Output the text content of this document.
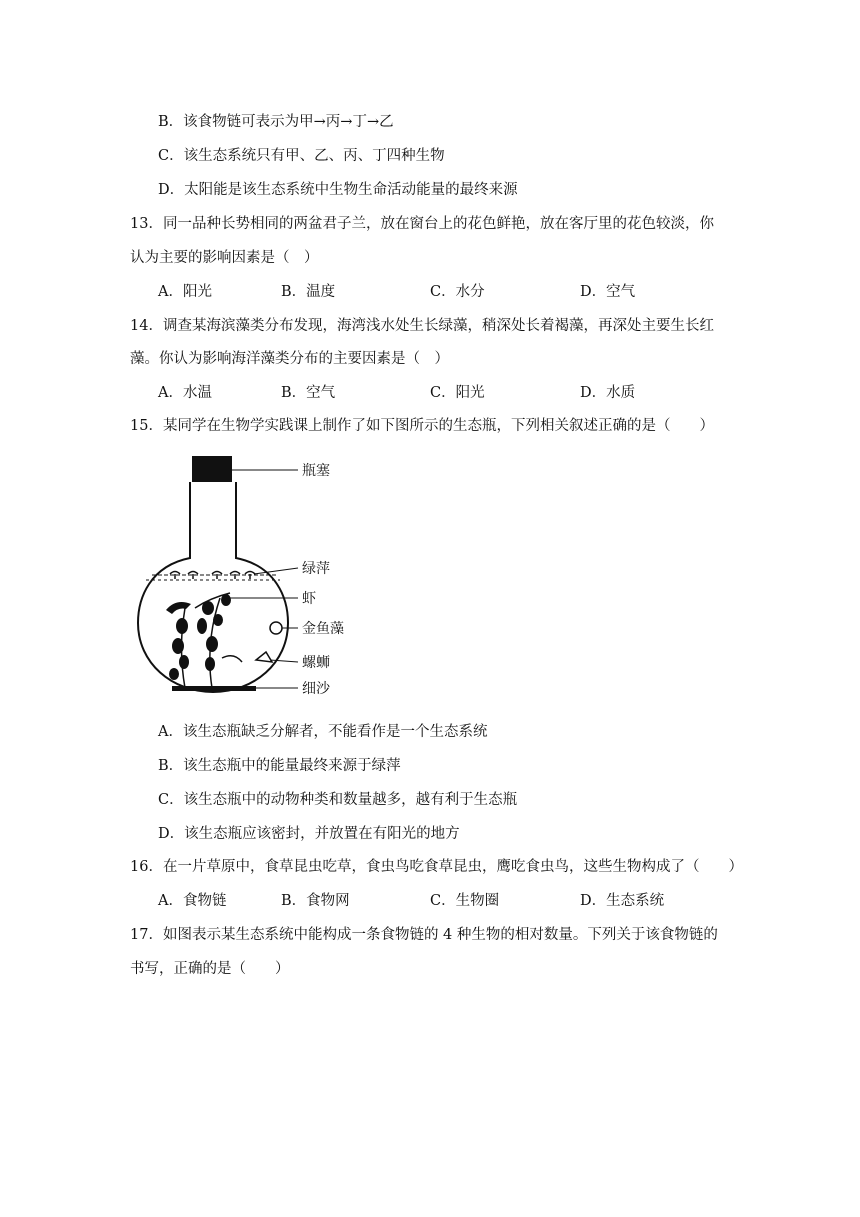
B．该食物链可表示为甲→丙→丁→乙
C．该生态系统只有甲、乙、丙、丁四种生物
D．太阳能是该生态系统中生物生命活动能量的最终来源
13．同一品种长势相同的两盆君子兰，放在窗台上的花色鲜艳，放在客厅里的花色较淡，你
认为主要的影响因素是（　）
A．阳光	B．温度	C．水分	D．空气
14．调查某海滨藻类分布发现，海湾浅水处生长绿藻，稍深处长着褐藻，再深处主要生长红
藻。你认为影响海洋藻类分布的主要因素是（　）
A．水温	B．空气	C．阳光	D．水质
15．某同学在生物学实践课上制作了如下图所示的生态瓶，下列相关叙述正确的是（　　）
瓶塞
绿萍
虾
金鱼藻
螺蛳
细沙
A．该生态瓶缺乏分解者，不能看作是一个生态系统
B．该生态瓶中的能量最终来源于绿萍
C．该生态瓶中的动物种类和数量越多，越有利于生态瓶
D．该生态瓶应该密封，并放置在有阳光的地方
16．在一片草原中，食草昆虫吃草，食虫鸟吃食草昆虫，鹰吃食虫鸟，这些生物构成了（　　）
A．食物链	B．食物网	C．生物圈	D．生态系统
17．如图表示某生态系统中能构成一条食物链的 4 种生物的相对数量。下列关于该食物链的
书写，正确的是（　　）
